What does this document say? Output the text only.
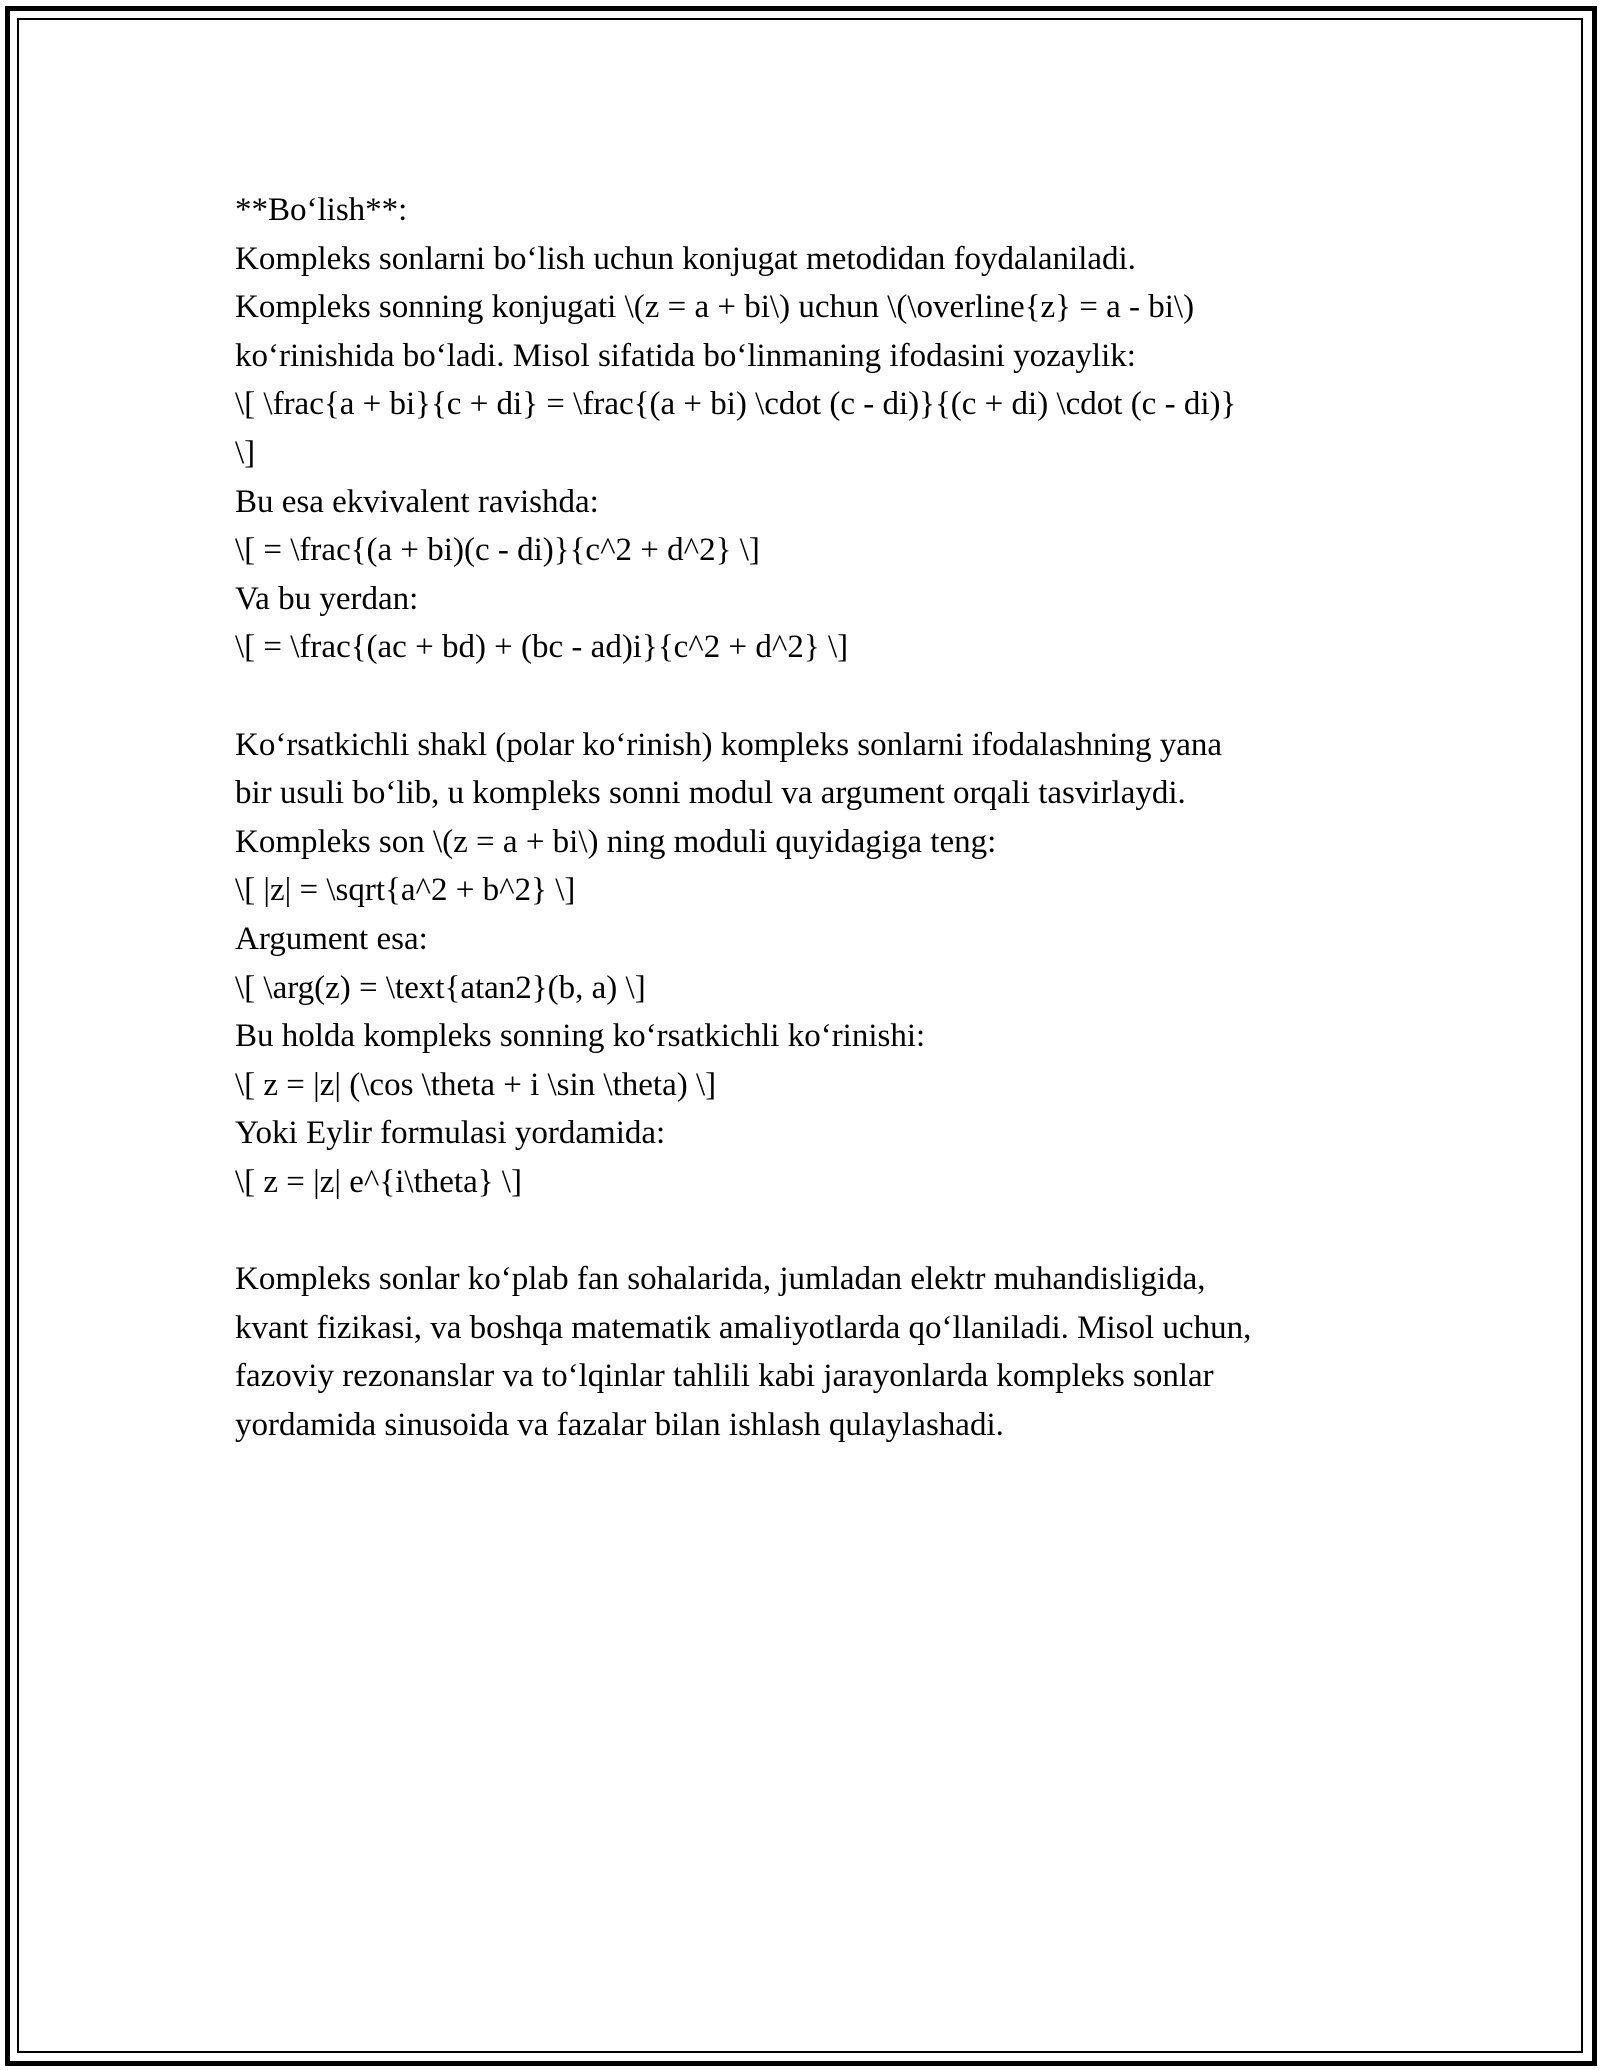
**Bo‘lish**:
Kompleks sonlarni bo‘lish uchun konjugat metodidan foydalaniladi.
Kompleks sonning konjugati \(z = a + bi\) uchun \(\overline{z} = a - bi\)
ko‘rinishida bo‘ladi. Misol sifatida bo‘linmaning ifodasini yozaylik:
\[ \frac{a + bi}{c + di} = \frac{(a + bi) \cdot (c - di)}{(c + di) \cdot (c - di)}
\]
Bu esa ekvivalent ravishda:
\[ = \frac{(a + bi)(c - di)}{c^2 + d^2} \]
Va bu yerdan:
\[ = \frac{(ac + bd) + (bc - ad)i}{c^2 + d^2} \]
Ko‘rsatkichli shakl (polar ko‘rinish) kompleks sonlarni ifodalashning yana
bir usuli bo‘lib, u kompleks sonni modul va argument orqali tasvirlaydi.
Kompleks son \(z = a + bi\) ning moduli quyidagiga teng:
\[ |z| = \sqrt{a^2 + b^2} \]
Argument esa:
\[ \arg(z) = \text{atan2}(b, a) \]
Bu holda kompleks sonning ko‘rsatkichli ko‘rinishi:
\[ z = |z| (\cos \theta + i \sin \theta) \]
Yoki Eylir formulasi yordamida:
\[ z = |z| e^{i\theta} \]
Kompleks sonlar ko‘plab fan sohalarida, jumladan elektr muhandisligida,
kvant fizikasi, va boshqa matematik amaliyotlarda qo‘llaniladi. Misol uchun,
fazoviy rezonanslar va to‘lqinlar tahlili kabi jarayonlarda kompleks sonlar
yordamida sinusoida va fazalar bilan ishlash qulaylashadi.
